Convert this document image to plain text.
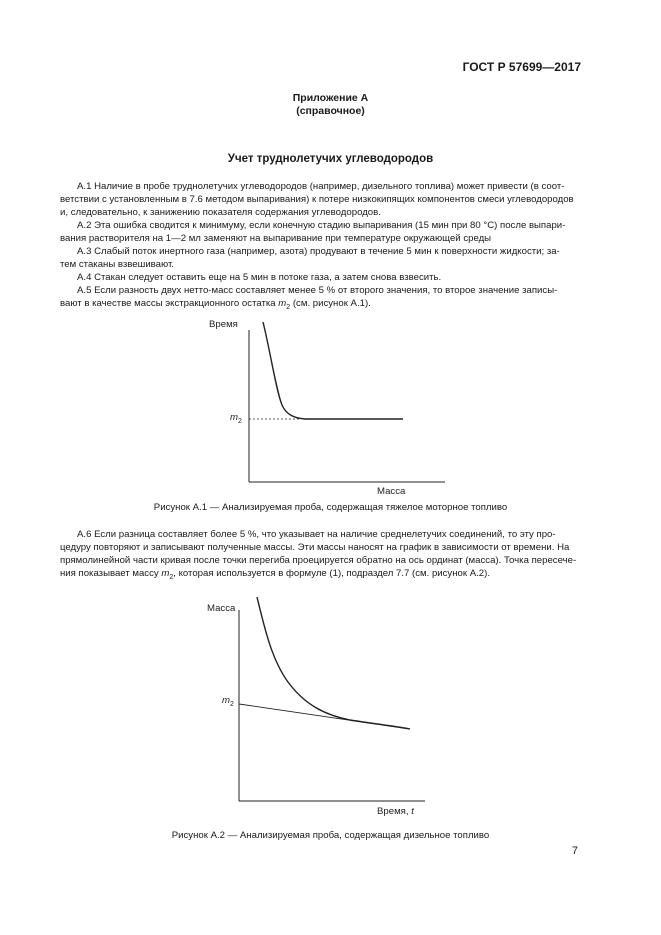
ГОСТ Р 57699—2017
Приложение А
(справочное)
Учет труднолетучих углеводородов
А.1 Наличие в пробе труднолетучих углеводородов (например, дизельного топлива) может привести (в соот-
ветствии с установленным в 7.6 методом выпаривания) к потере низкокипящих компонентов смеси углеводородов
и, следовательно, к занижению показателя содержания углеводородов.
А.2 Эта ошибка сводится к минимуму, если конечную стадию выпаривания (15 мин при 80 °С) после выпари-
вания растворителя на 1—2 мл заменяют на выпаривание при температуре окружающей среды
А.3 Слабый поток инертного газа (например, азота) продувают в течение 5 мин к поверхности жидкости; за-
тем стаканы взвешивают.
А.4 Стакан следует оставить еще на 5 мин в потоке газа, а затем снова взвесить.
А.5 Если разность двух нетто-масс составляет менее 5 % от второго значения, то второе значение записы-
вают в качестве массы экстракционного остатка $m_2$ (см. рисунок А.1).
Время
Масса
$m_2$
Рисунок А.1 — Анализируемая проба, содержащая тяжелое моторное топливо
А.6 Если разница составляет более 5 %, что указывает на наличие среднелетучих соединений, то эту про-
цедуру повторяют и записывают полученные массы. Эти массы наносят на график в зависимости от времени. На
прямолинейной части кривая после точки перегиба проецируется обратно на ось ординат (масса). Точка пересече-
ния показывает массу $m_2$, которая используется в формуле (1), подраздел 7.7 (см. рисунок А.2).
Масса
Время, t
$m_2$
Рисунок А.2 — Анализируемая проба, содержащая дизельное топливо
7
